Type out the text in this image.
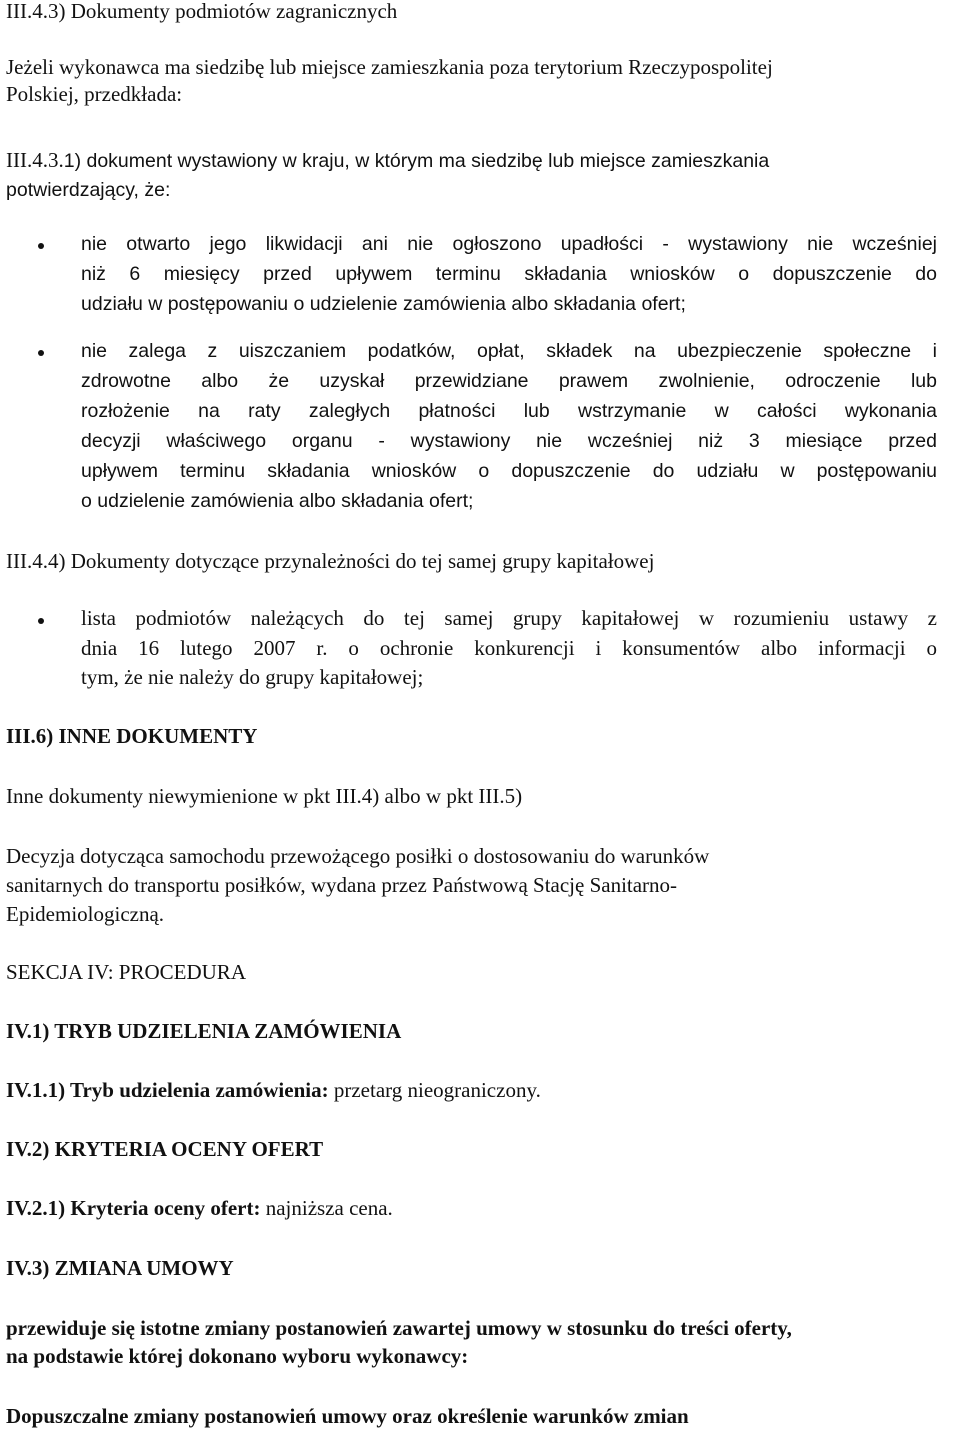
III.4.3) Dokumenty podmiotów zagranicznych
Jeżeli wykonawca ma siedzibę lub miejsce zamieszkania poza terytorium Rzeczypospolitej
Polskiej, przedkłada:
III.4.3.1) dokument wystawiony w kraju, w którym ma siedzibę lub miejsce zamieszkania
potwierdzający, że:
nie otwarto jego likwidacji ani nie ogłoszono upadłości - wystawiony nie wcześniej
niż 6 miesięcy przed upływem terminu składania wniosków o dopuszczenie do
udziału w postępowaniu o udzielenie zamówienia albo składania ofert;
nie zalega z uiszczaniem podatków, opłat, składek na ubezpieczenie społeczne i
zdrowotne albo że uzyskał przewidziane prawem zwolnienie, odroczenie lub
rozłożenie na raty zaległych płatności lub wstrzymanie w całości wykonania
decyzji właściwego organu - wystawiony nie wcześniej niż 3 miesiące przed
upływem terminu składania wniosków o dopuszczenie do udziału w postępowaniu
o udzielenie zamówienia albo składania ofert;
III.4.4) Dokumenty dotyczące przynależności do tej samej grupy kapitałowej
lista podmiotów należących do tej samej grupy kapitałowej w rozumieniu ustawy z
dnia 16 lutego 2007 r. o ochronie konkurencji i konsumentów albo informacji o
tym, że nie należy do grupy kapitałowej;
III.6) INNE DOKUMENTY
Inne dokumenty niewymienione w pkt III.4) albo w pkt III.5)
Decyzja dotycząca samochodu przewożącego posiłki o dostosowaniu do warunków
sanitarnych do transportu posiłków, wydana przez Państwową Stację Sanitarno-
Epidemiologiczną.
SEKCJA IV: PROCEDURA
IV.1) TRYB UDZIELENIA ZAMÓWIENIA
IV.1.1) Tryb udzielenia zamówienia: przetarg nieograniczony.
IV.2) KRYTERIA OCENY OFERT
IV.2.1) Kryteria oceny ofert: najniższa cena.
IV.3) ZMIANA UMOWY
przewiduje się istotne zmiany postanowień zawartej umowy w stosunku do treści oferty,
na podstawie której dokonano wyboru wykonawcy:
Dopuszczalne zmiany postanowień umowy oraz określenie warunków zmian
